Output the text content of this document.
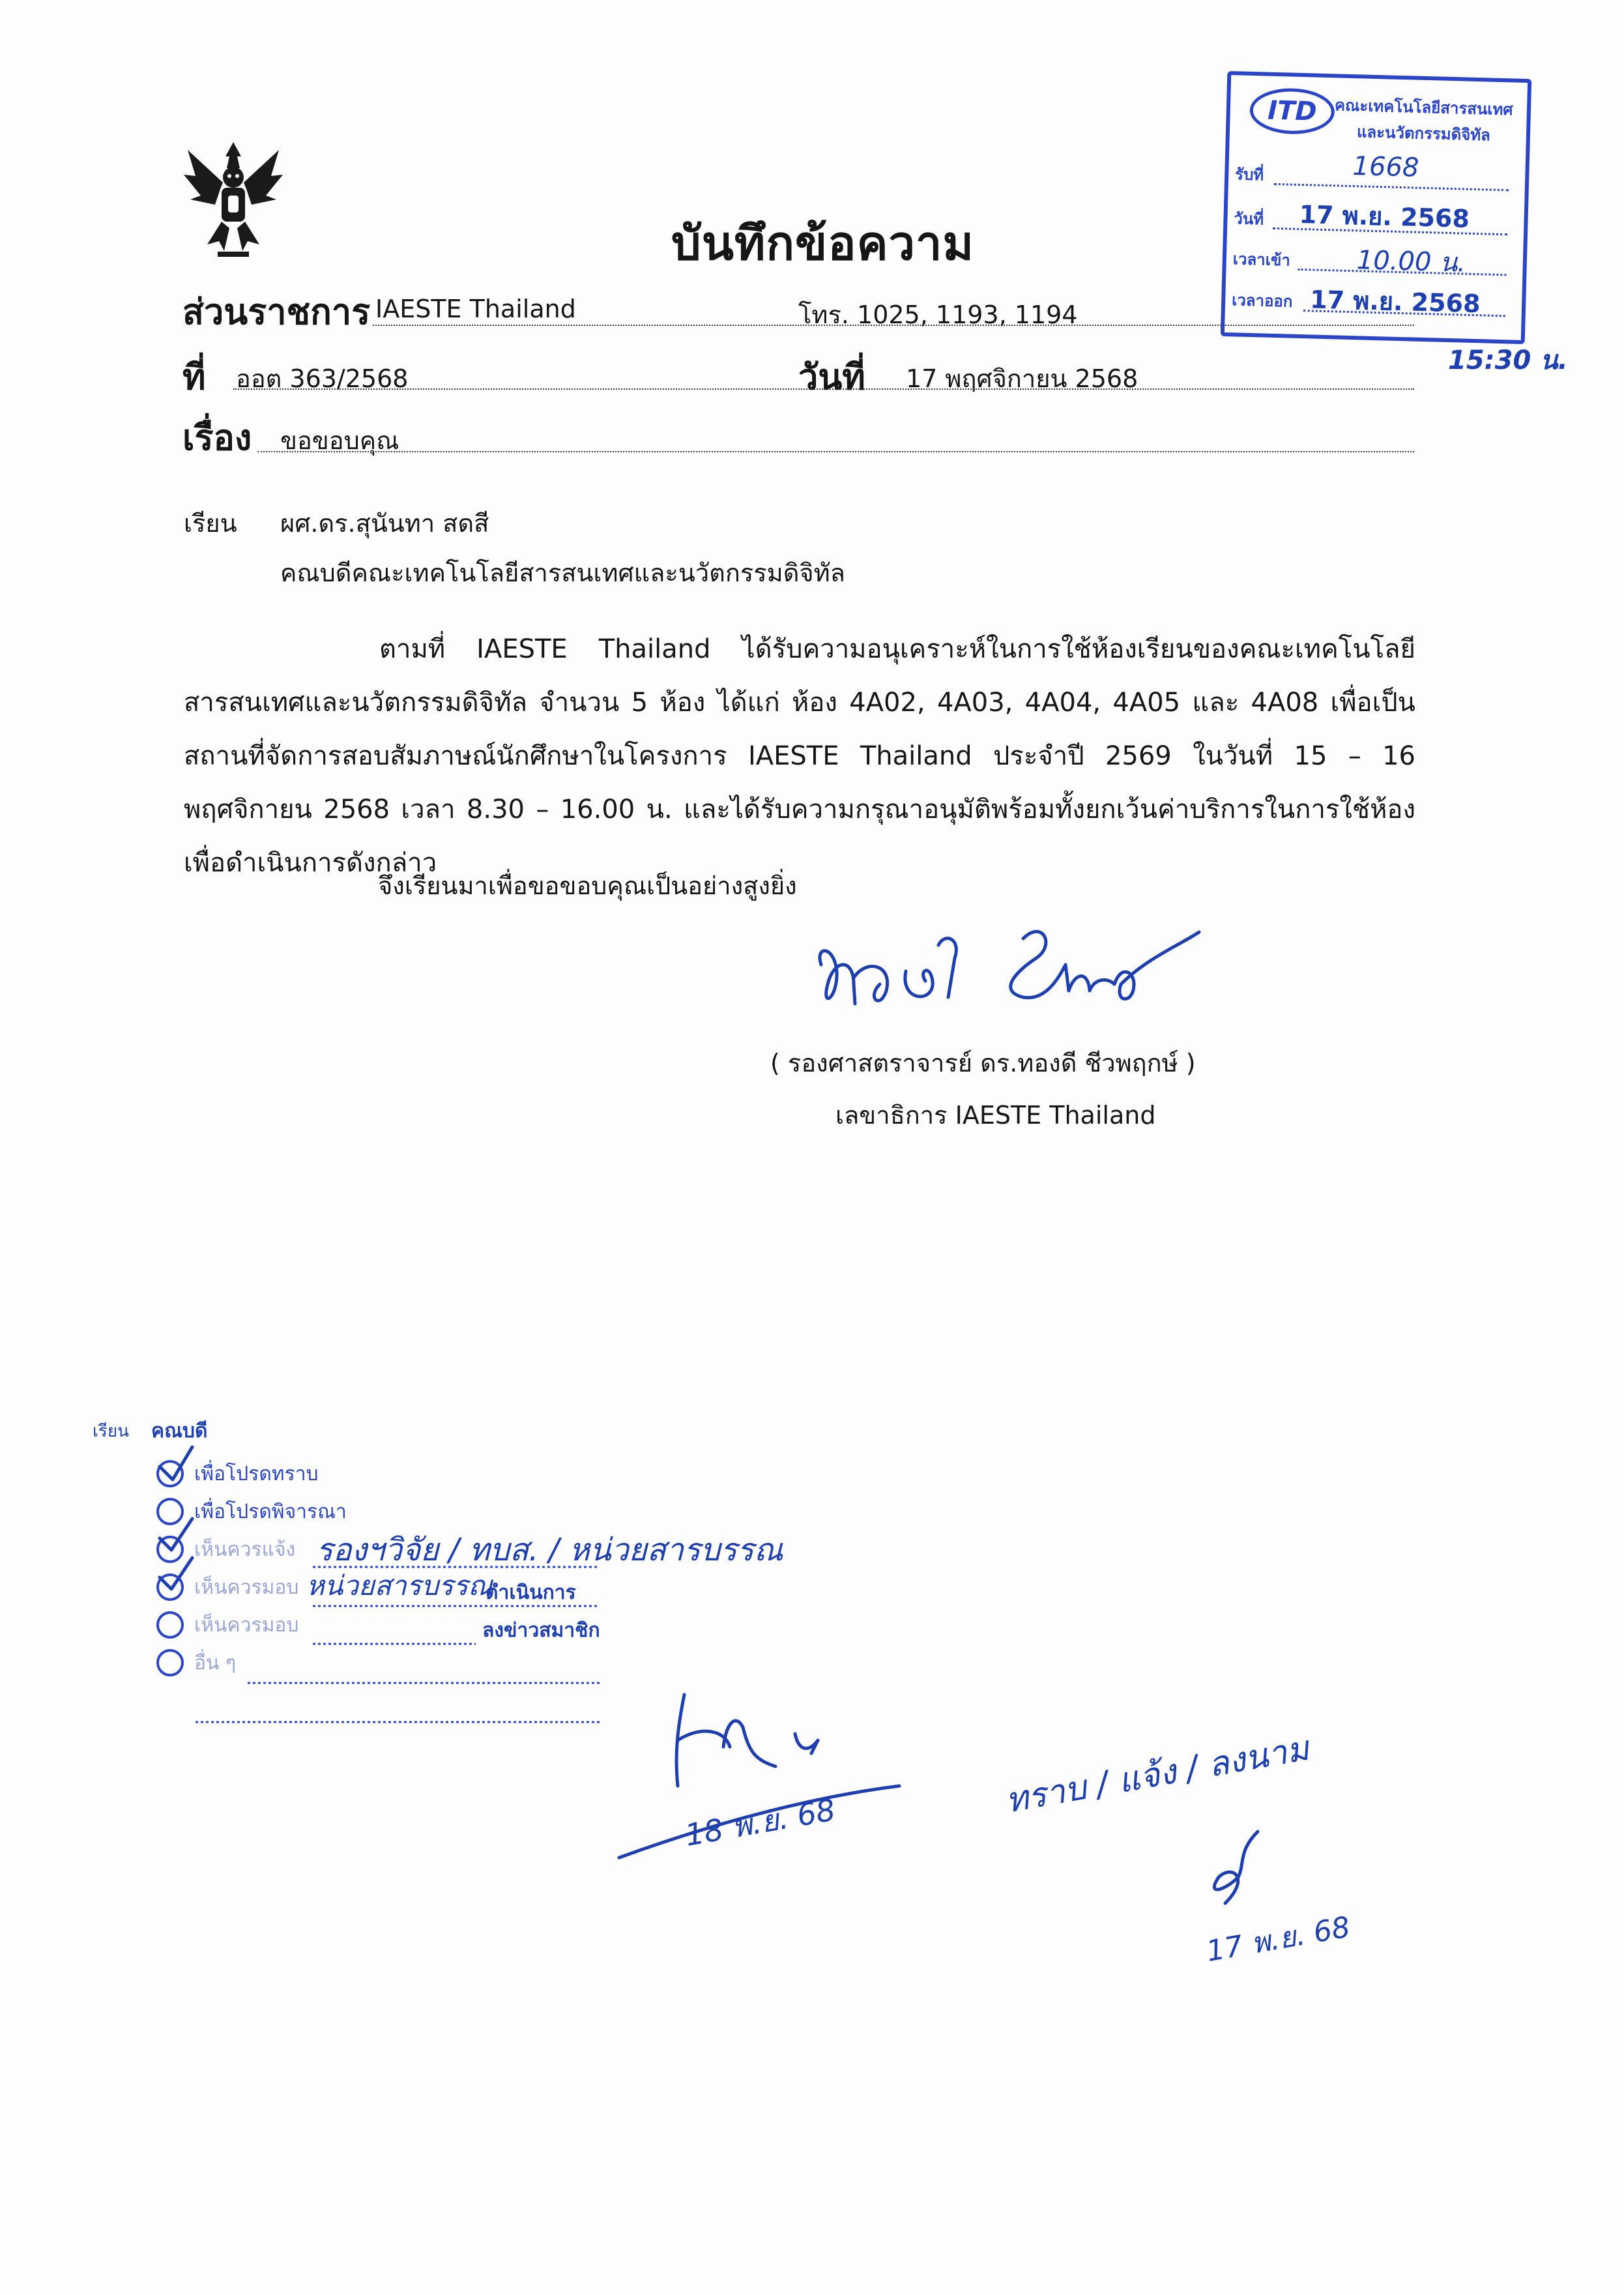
บันทึกข้อความ
ส่วนราชการ IAESTE Thailand	โทร. 1025, 1193, 1194
ที่ ออต 363/2568	วันที่ 17 พฤศจิกายน 2568
เรื่อง ขอขอบคุณ
เรียน ผศ.ดร.สุนันทา สดสี
คณบดีคณะเทคโนโลยีสารสนเทศและนวัตกรรมดิจิทัล

ตามที่ IAESTE Thailand ได้รับความอนุเคราะห์ในการใช้ห้องเรียนของคณะเทคโนโลยีสารสนเทศและนวัตกรรมดิจิทัล จำนวน 5 ห้อง ได้แก่ ห้อง 4A02, 4A03, 4A04, 4A05 และ 4A08 เพื่อเป็นสถานที่จัดการสอบสัมภาษณ์นักศึกษาในโครงการ IAESTE Thailand ประจำปี 2569 ในวันที่ 15 – 16 พฤศจิกายน 2568 เวลา 8.30 – 16.00 น. และได้รับความกรุณาอนุมัติพร้อมทั้งยกเว้นค่าบริการในการใช้ห้องเพื่อดำเนินการดังกล่าว

จึงเรียนมาเพื่อขอขอบคุณเป็นอย่างสูงยิ่ง
( รองศาสตราจารย์ ดร.ทองดี ชีวพฤกษ์ )
เลขาธิการ IAESTE Thailand
ITD	คณะเทคโนโลยีสารสนเทศ
และนวัตกรรมดิจิทัล
รับที่	1668
วันที่ 17 พ.ย. 2568
เวลาเข้า	10.00 น.
เวลาออก 17 พ.ย. 2568
15:30 น.
เรียน คณบดี
เพื่อโปรดทราบ
เพื่อโปรดพิจารณา
เห็นควรแจ้ง
เห็นควรมอบ	ดำเนินการ
เห็นควรมอบ	ลงข่าวสมาชิก
อื่น ๆ
รองฯวิจัย / ทบส. / หน่วยสารบรรณ
หน่วยสารบรรณ
18 พ.ย. 68
ทราบ / แจ้ง / ลงนาม
17 พ.ย. 68
